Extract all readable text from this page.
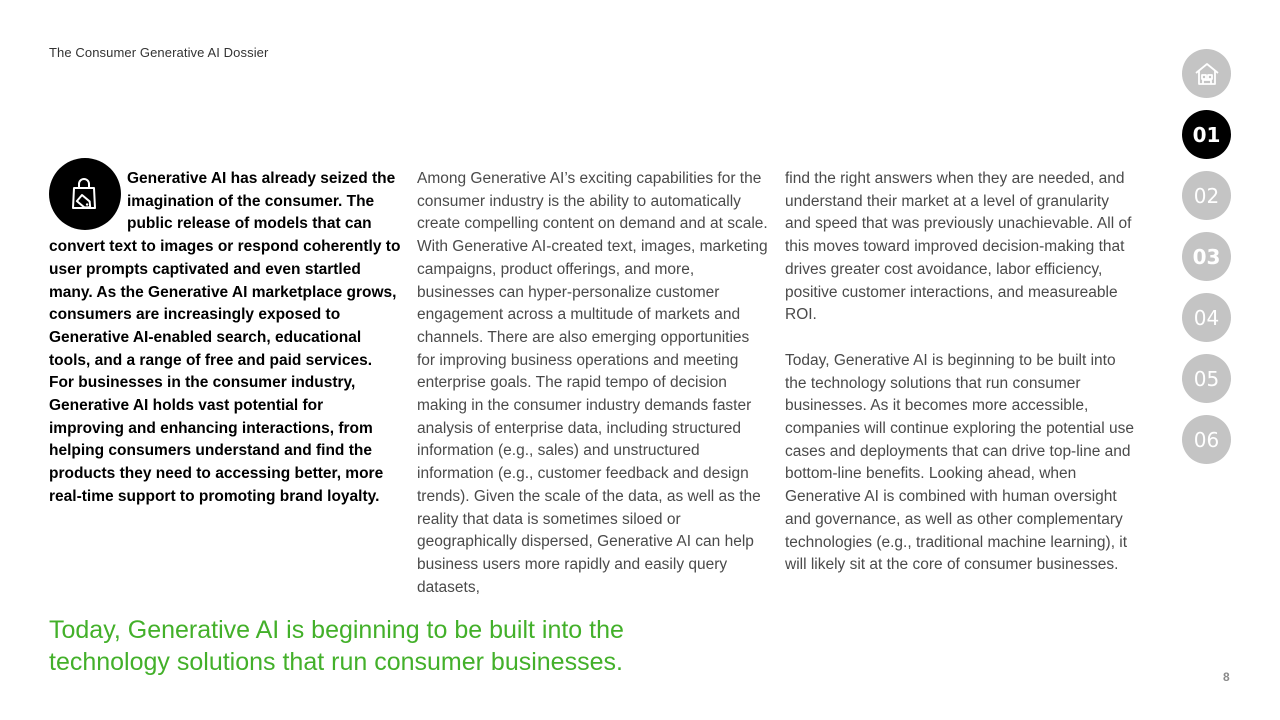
The Consumer Generative AI Dossier
Generative AI has already seized the imagination of the consumer. The public release of models that can convert text to images or respond coherently to user prompts captivated and even startled many. As the Generative AI marketplace grows, consumers are increasingly exposed to Generative AI-enabled search, educational tools, and a range of free and paid services. For businesses in the consumer industry, Generative AI holds vast potential for improving and enhancing interactions, from helping consumers understand and find the products they need to accessing better, more real-time support to promoting brand loyalty.

Among Generative AI’s exciting capabilities for the consumer industry is the ability to automatically create compelling content on demand and at scale. With Generative AI-created text, images, marketing campaigns, product offerings, and more, businesses can hyper-personalize customer engagement across a multitude of markets and channels. There are also emerging opportunities for improving business operations and meeting enterprise goals. The rapid tempo of decision making in the consumer industry demands faster analysis of enterprise data, including structured information (e.g., sales) and unstructured information (e.g., customer feedback and design trends). Given the scale of the data, as well as the reality that data is sometimes siloed or geographically dispersed, Generative AI can help business users more rapidly and easily query datasets,

find the right answers when they are needed, and understand their market at a level of granularity and speed that was previously unachievable. All of this moves toward improved decision-making that drives greater cost avoidance, labor efficiency, positive customer interactions, and measureable ROI.

Today, Generative AI is beginning to be built into the technology solutions that run consumer businesses. As it becomes more accessible, companies will continue exploring the potential use cases and deployments that can drive top-line and bottom-line benefits. Looking ahead, when Generative AI is combined with human oversight and governance, as well as other complementary technologies (e.g., traditional machine learning), it will likely sit at the core of consumer businesses.

Today, Generative AI is beginning to be built into the technology solutions that run consumer businesses.
01
02
03
04
05
06
8
